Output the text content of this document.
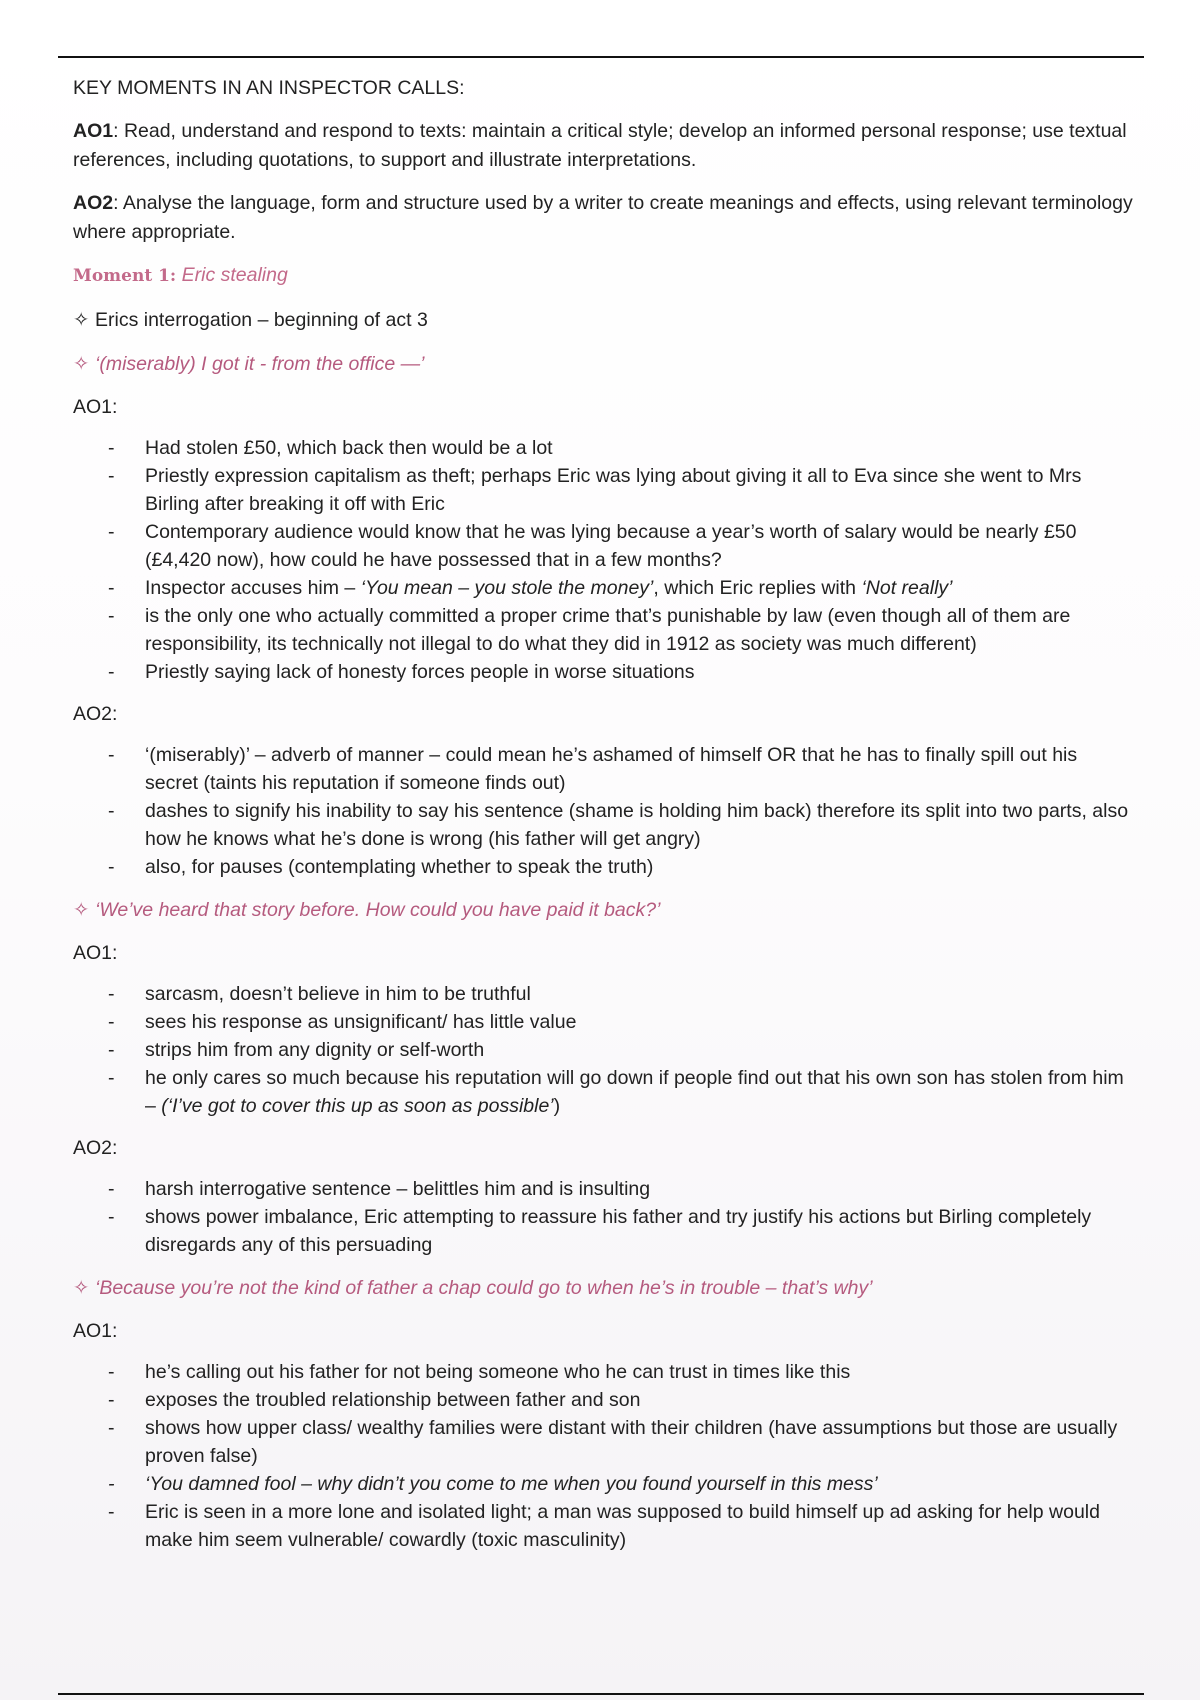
KEY MOMENTS IN AN INSPECTOR CALLS:

AO1: Read, understand and respond to texts: maintain a critical style; develop an informed personal response; use textual references, including quotations, to support and illustrate interpretations.

AO2: Analyse the language, form and structure used by a writer to create meanings and effects, using relevant terminology where appropriate.

Moment 1: Eric stealing

✧ Erics interrogation – beginning of act 3

✧ ‘(miserably) I got it - from the office —’

AO1:

- Had stolen £50, which back then would be a lot
- Priestly expression capitalism as theft; perhaps Eric was lying about giving it all to Eva since she went to Mrs Birling after breaking it off with Eric
- Contemporary audience would know that he was lying because a year’s worth of salary would be nearly £50 (£4,420 now), how could he have possessed that in a few months?
- Inspector accuses him – ‘You mean – you stole the money’, which Eric replies with ‘Not really’
- is the only one who actually committed a proper crime that’s punishable by law (even though all of them are responsibility, its technically not illegal to do what they did in 1912 as society was much different)
- Priestly saying lack of honesty forces people in worse situations

AO2:

- ‘(miserably)’ – adverb of manner – could mean he’s ashamed of himself OR that he has to finally spill out his secret (taints his reputation if someone finds out)
- dashes to signify his inability to say his sentence (shame is holding him back) therefore its split into two parts, also how he knows what he’s done is wrong (his father will get angry)
- also, for pauses (contemplating whether to speak the truth)

✧ ‘We’ve heard that story before. How could you have paid it back?’

AO1:

- sarcasm, doesn’t believe in him to be truthful
- sees his response as unsignificant/ has little value
- strips him from any dignity or self-worth
- he only cares so much because his reputation will go down if people find out that his own son has stolen from him – (‘I’ve got to cover this up as soon as possible’)

AO2:

- harsh interrogative sentence – belittles him and is insulting
- shows power imbalance, Eric attempting to reassure his father and try justify his actions but Birling completely disregards any of this persuading

✧ ‘Because you’re not the kind of father a chap could go to when he’s in trouble – that’s why’

AO1:

- he’s calling out his father for not being someone who he can trust in times like this
- exposes the troubled relationship between father and son
- shows how upper class/ wealthy families were distant with their children (have assumptions but those are usually proven false)
- ‘You damned fool – why didn’t you come to me when you found yourself in this mess’
- Eric is seen in a more lone and isolated light; a man was supposed to build himself up ad asking for help would make him seem vulnerable/ cowardly (toxic masculinity)
